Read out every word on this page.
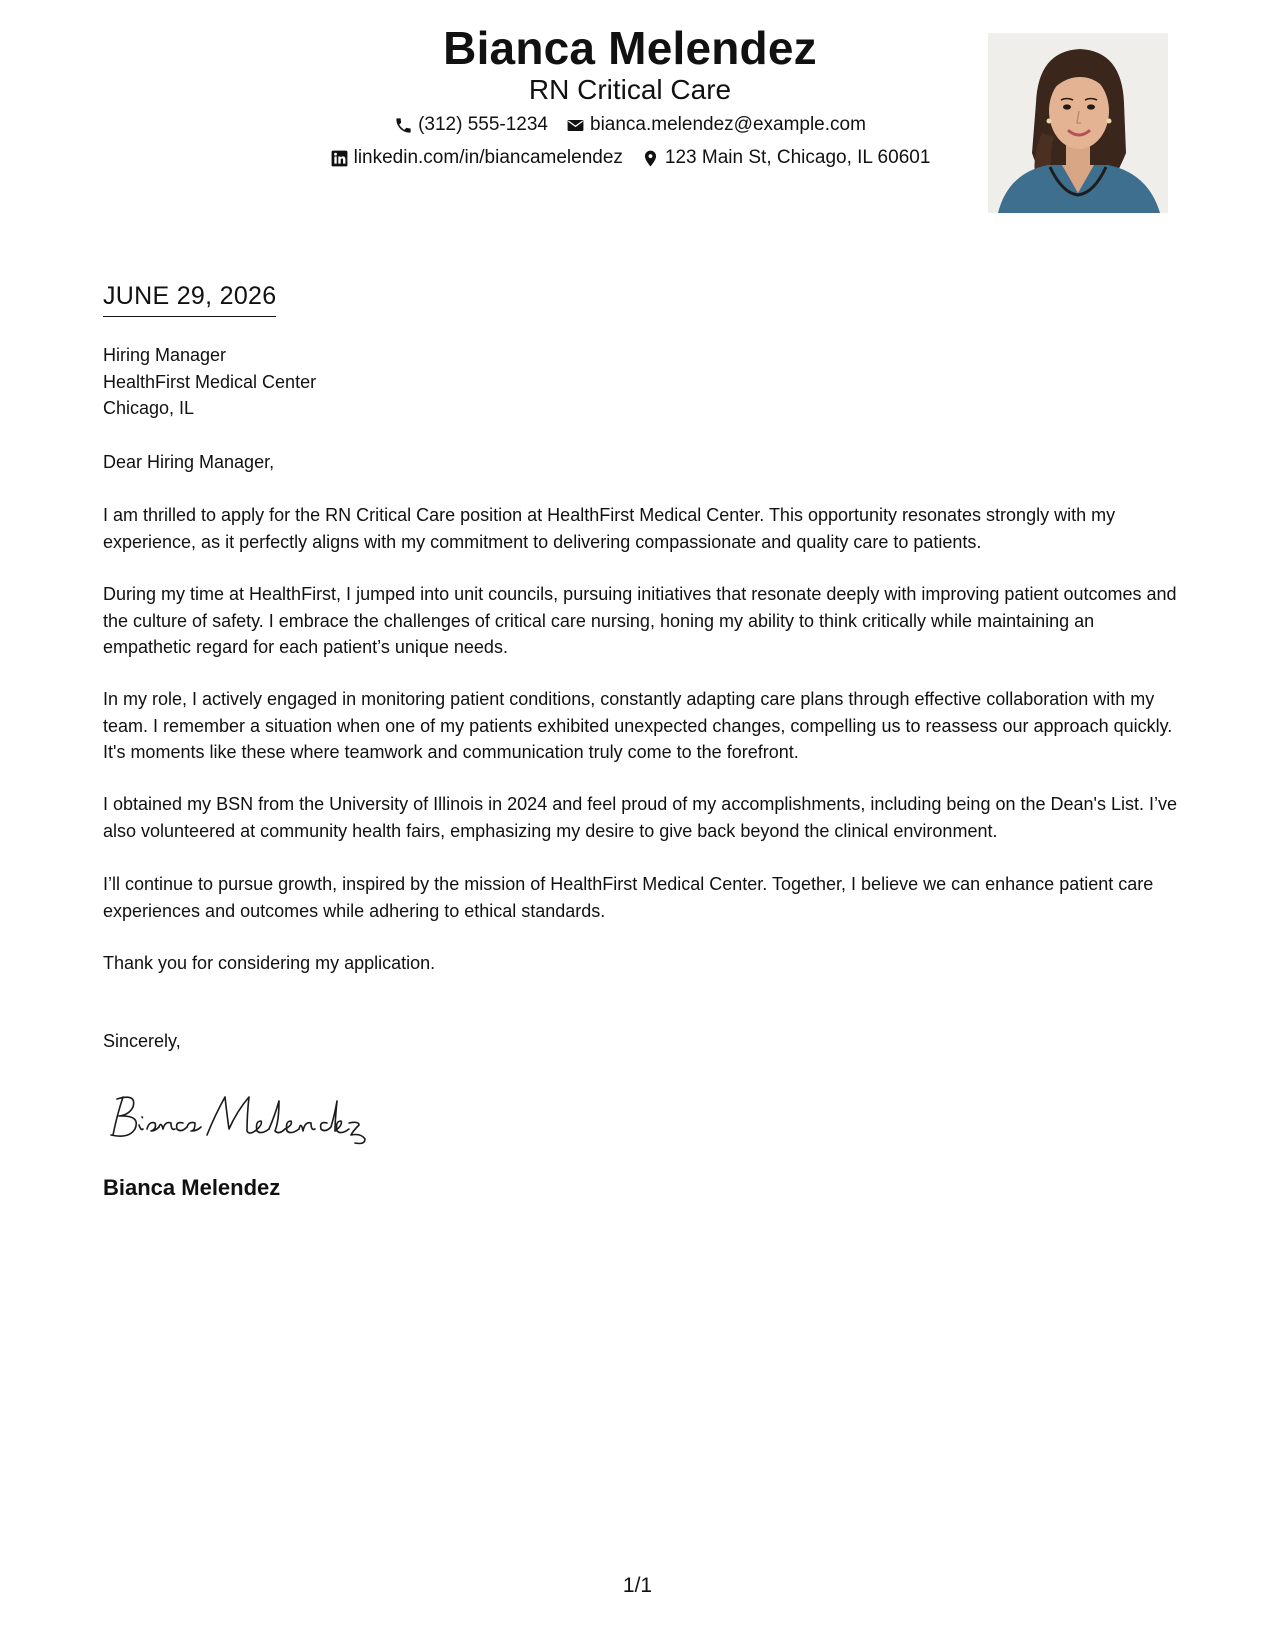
Bianca Melendez
RN Critical Care
(312) 555-1234 bianca.melendez@example.com
linkedin.com/in/biancamelendez 123 Main St, Chicago, IL 60601
JUNE 29, 2026
Hiring Manager
HealthFirst Medical Center
Chicago, IL
Dear Hiring Manager,
I am thrilled to apply for the RN Critical Care position at HealthFirst Medical Center. This opportunity resonates strongly with my experience, as it perfectly aligns with my commitment to delivering compassionate and quality care to patients.
During my time at HealthFirst, I jumped into unit councils, pursuing initiatives that resonate deeply with improving patient outcomes and the culture of safety. I embrace the challenges of critical care nursing, honing my ability to think critically while maintaining an empathetic regard for each patient’s unique needs.
In my role, I actively engaged in monitoring patient conditions, constantly adapting care plans through effective collaboration with my team. I remember a situation when one of my patients exhibited unexpected changes, compelling us to reassess our approach quickly. It's moments like these where teamwork and communication truly come to the forefront.
I obtained my BSN from the University of Illinois in 2024 and feel proud of my accomplishments, including being on the Dean's List. I’ve also volunteered at community health fairs, emphasizing my desire to give back beyond the clinical environment.
I’ll continue to pursue growth, inspired by the mission of HealthFirst Medical Center. Together, I believe we can enhance patient care experiences and outcomes while adhering to ethical standards.
Thank you for considering my application.
Sincerely,
Bianca Melendez
1/1
